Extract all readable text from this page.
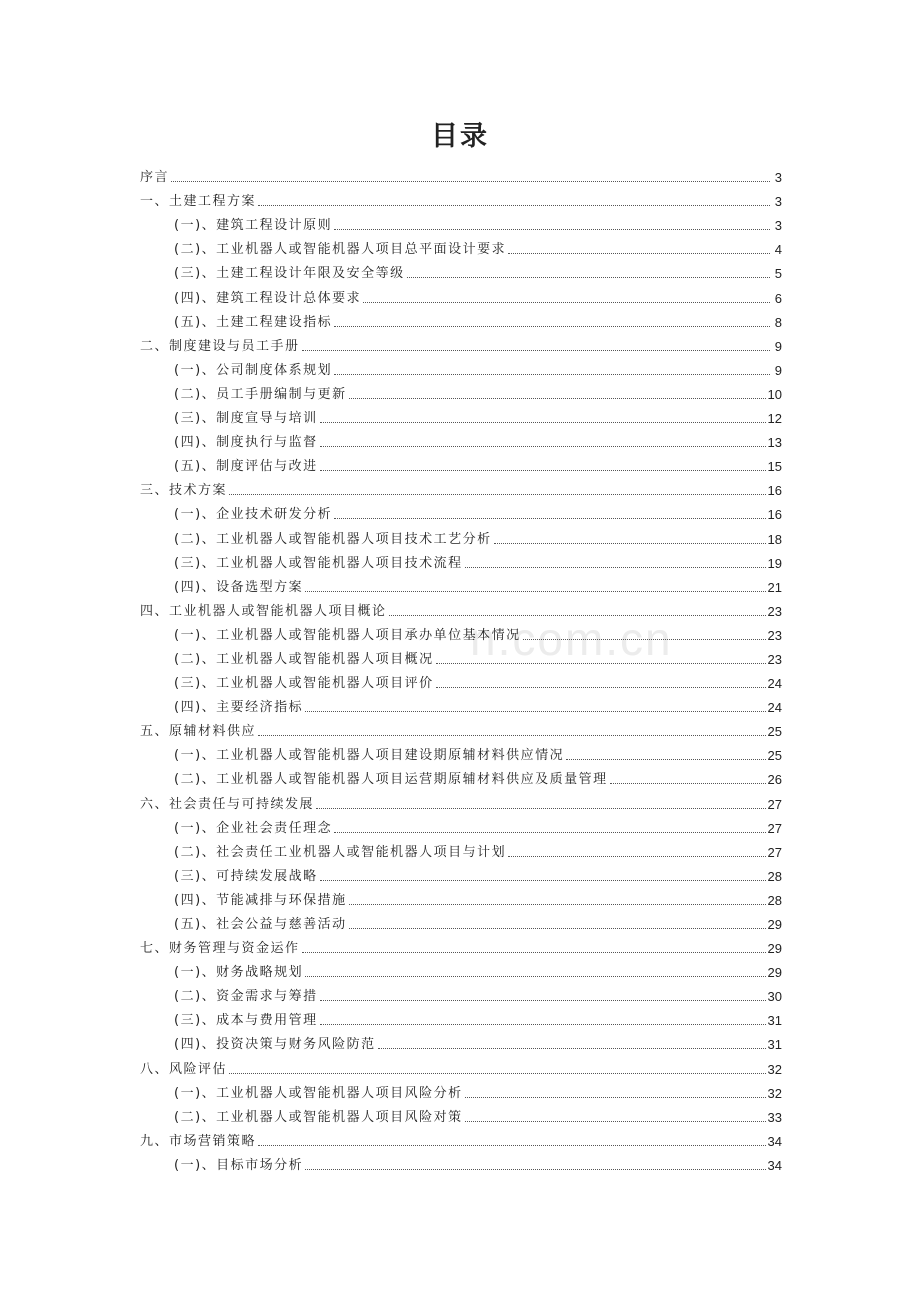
目录
n.com.cn
序言	3
一、土建工程方案	3
(一)、建筑工程设计原则	3
(二)、工业机器人或智能机器人项目总平面设计要求	4
(三)、土建工程设计年限及安全等级	5
(四)、建筑工程设计总体要求	6
(五)、土建工程建设指标	8
二、制度建设与员工手册	9
(一)、公司制度体系规划	9
(二)、员工手册编制与更新	10
(三)、制度宣导与培训	12
(四)、制度执行与监督	13
(五)、制度评估与改进	15
三、技术方案	16
(一)、企业技术研发分析	16
(二)、工业机器人或智能机器人项目技术工艺分析	18
(三)、工业机器人或智能机器人项目技术流程	19
(四)、设备选型方案	21
四、工业机器人或智能机器人项目概论	23
(一)、工业机器人或智能机器人项目承办单位基本情况	23
(二)、工业机器人或智能机器人项目概况	23
(三)、工业机器人或智能机器人项目评价	24
(四)、主要经济指标	24
五、原辅材料供应	25
(一)、工业机器人或智能机器人项目建设期原辅材料供应情况	25
(二)、工业机器人或智能机器人项目运营期原辅材料供应及质量管理	26
六、社会责任与可持续发展	27
(一)、企业社会责任理念	27
(二)、社会责任工业机器人或智能机器人项目与计划	27
(三)、可持续发展战略	28
(四)、节能减排与环保措施	28
(五)、社会公益与慈善活动	29
七、财务管理与资金运作	29
(一)、财务战略规划	29
(二)、资金需求与筹措	30
(三)、成本与费用管理	31
(四)、投资决策与财务风险防范	31
八、风险评估	32
(一)、工业机器人或智能机器人项目风险分析	32
(二)、工业机器人或智能机器人项目风险对策	33
九、市场营销策略	34
(一)、目标市场分析	34
